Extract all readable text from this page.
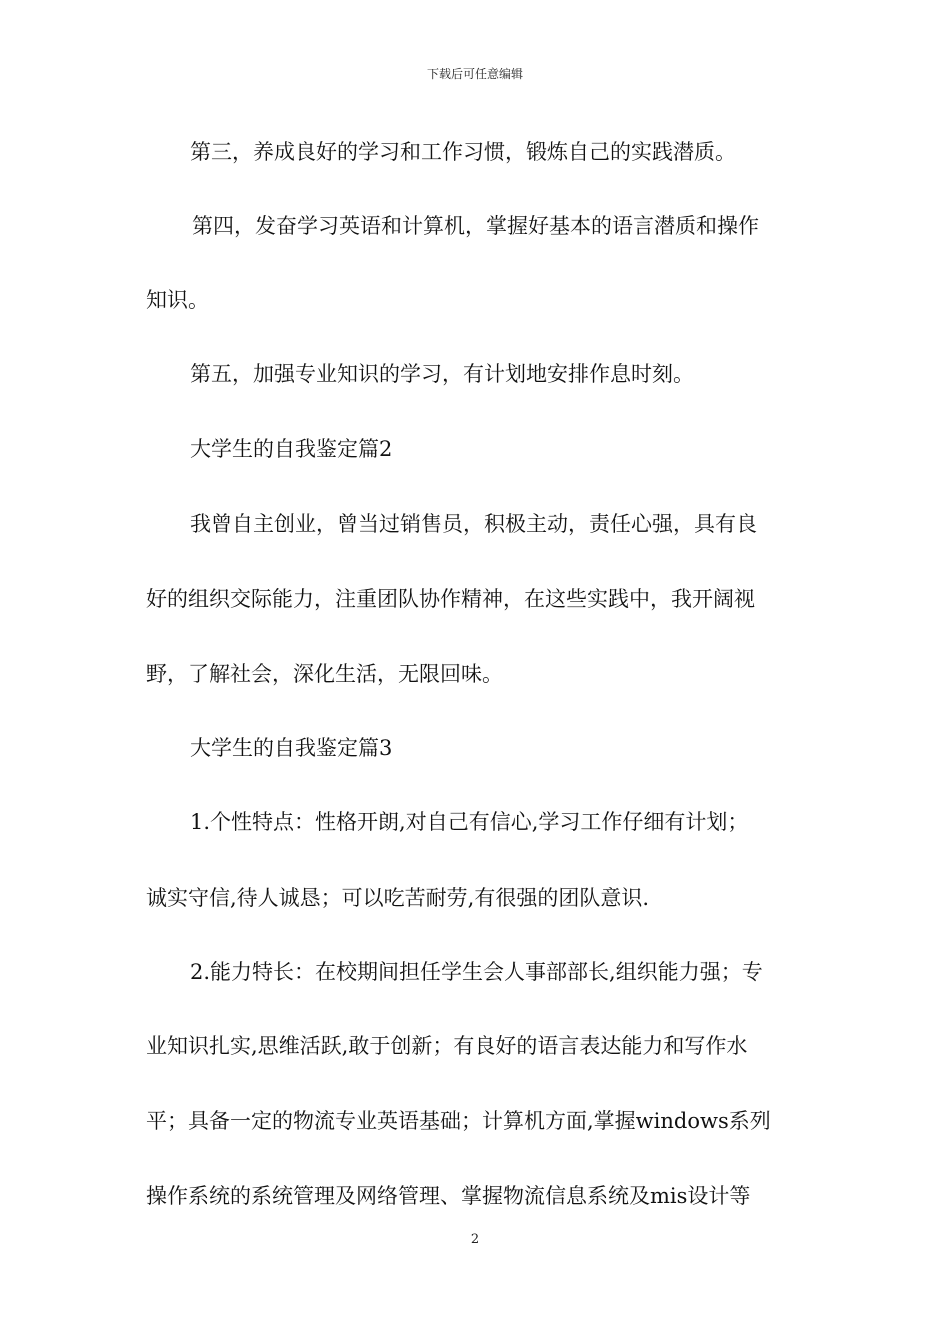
下载后可任意编辑
第三，养成良好的学习和工作习惯，锻炼自己的实践潜质。
第四，发奋学习英语和计算机，掌握好基本的语言潜质和操作
知识。
第五，加强专业知识的学习，有计划地安排作息时刻。
大学生的自我鉴定篇2
我曾自主创业，曾当过销售员，积极主动，责任心强，具有良
好的组织交际能力，注重团队协作精神，在这些实践中，我开阔视
野，了解社会，深化生活，无限回味。
大学生的自我鉴定篇3
1.个性特点：性格开朗,对自己有信心,学习工作仔细有计划；
诚实守信,待人诚恳；可以吃苦耐劳,有很强的团队意识.
2.能力特长：在校期间担任学生会人事部部长,组织能力强；专
业知识扎实,思维活跃,敢于创新；有良好的语言表达能力和写作水
平；具备一定的物流专业英语基础；计算机方面,掌握windows系列
操作系统的系统管理及网络管理、掌握物流信息系统及mis设计等
2
